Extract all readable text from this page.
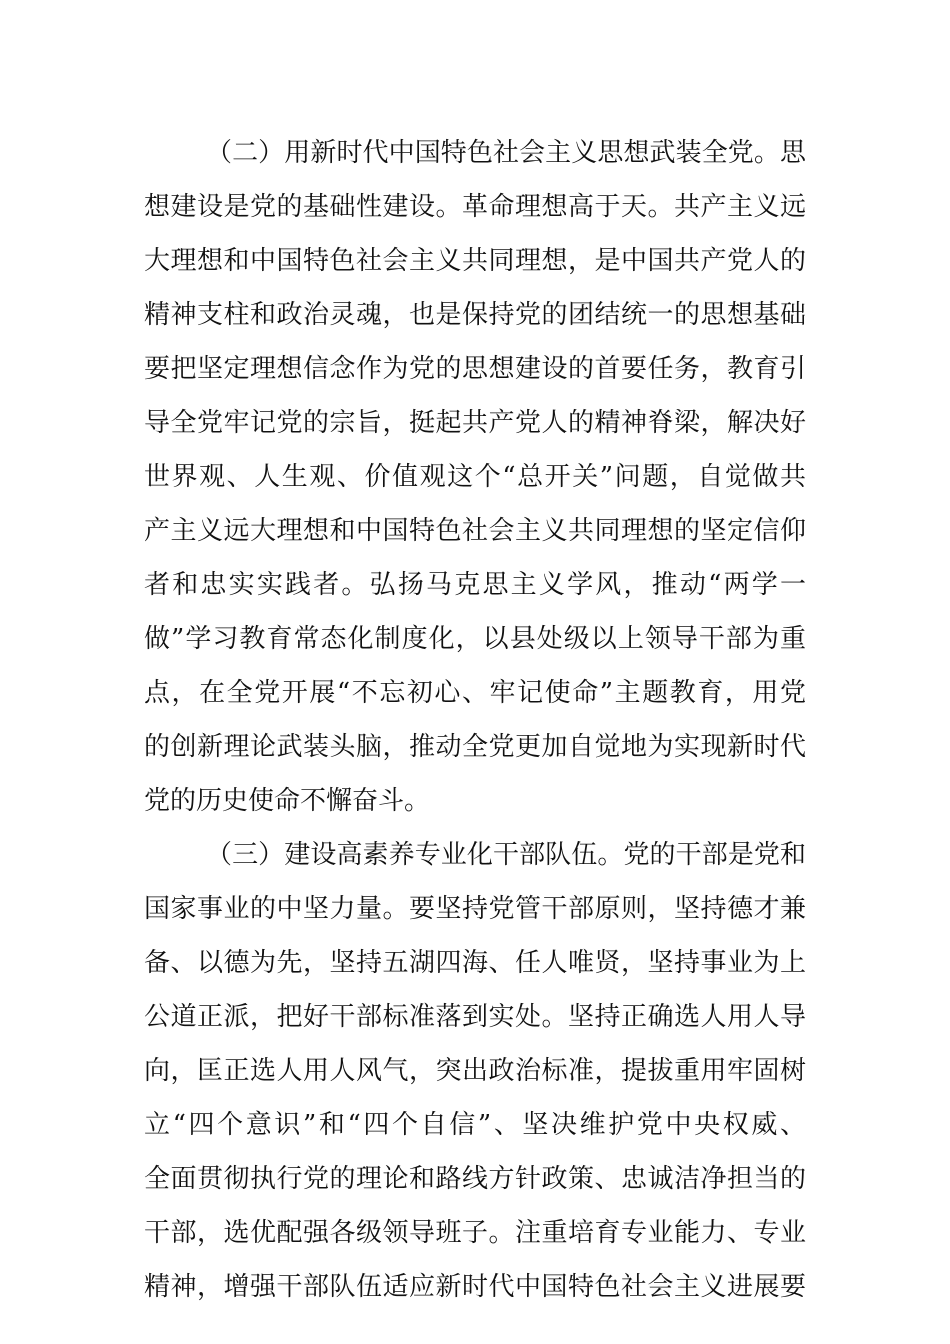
（二）用新时代中国特色社会主义思想武装全党。思
想建设是党的基础性建设。革命理想高于天。共产主义远
大理想和中国特色社会主义共同理想，是中国共产党人的
精神支柱和政治灵魂，也是保持党的团结统一的思想基础
要把坚定理想信念作为党的思想建设的首要任务，教育引
导全党牢记党的宗旨，挺起共产党人的精神脊梁，解决好
世界观、人生观、价值观这个“总开关”问题，自觉做共
产主义远大理想和中国特色社会主义共同理想的坚定信仰
者和忠实实践者。弘扬马克思主义学风，推动“两学一
做”学习教育常态化制度化，以县处级以上领导干部为重
点，在全党开展“不忘初心、牢记使命”主题教育，用党
的创新理论武装头脑，推动全党更加自觉地为实现新时代
党的历史使命不懈奋斗。
（三）建设高素养专业化干部队伍。党的干部是党和
国家事业的中坚力量。要坚持党管干部原则，坚持德才兼
备、以德为先，坚持五湖四海、任人唯贤，坚持事业为上
公道正派，把好干部标准落到实处。坚持正确选人用人导
向，匡正选人用人风气，突出政治标准，提拔重用牢固树
立“四个意识”和“四个自信”、坚决维护党中央权威、
全面贯彻执行党的理论和路线方针政策、忠诚洁净担当的
干部，选优配强各级领导班子。注重培育专业能力、专业
精神，增强干部队伍适应新时代中国特色社会主义进展要
